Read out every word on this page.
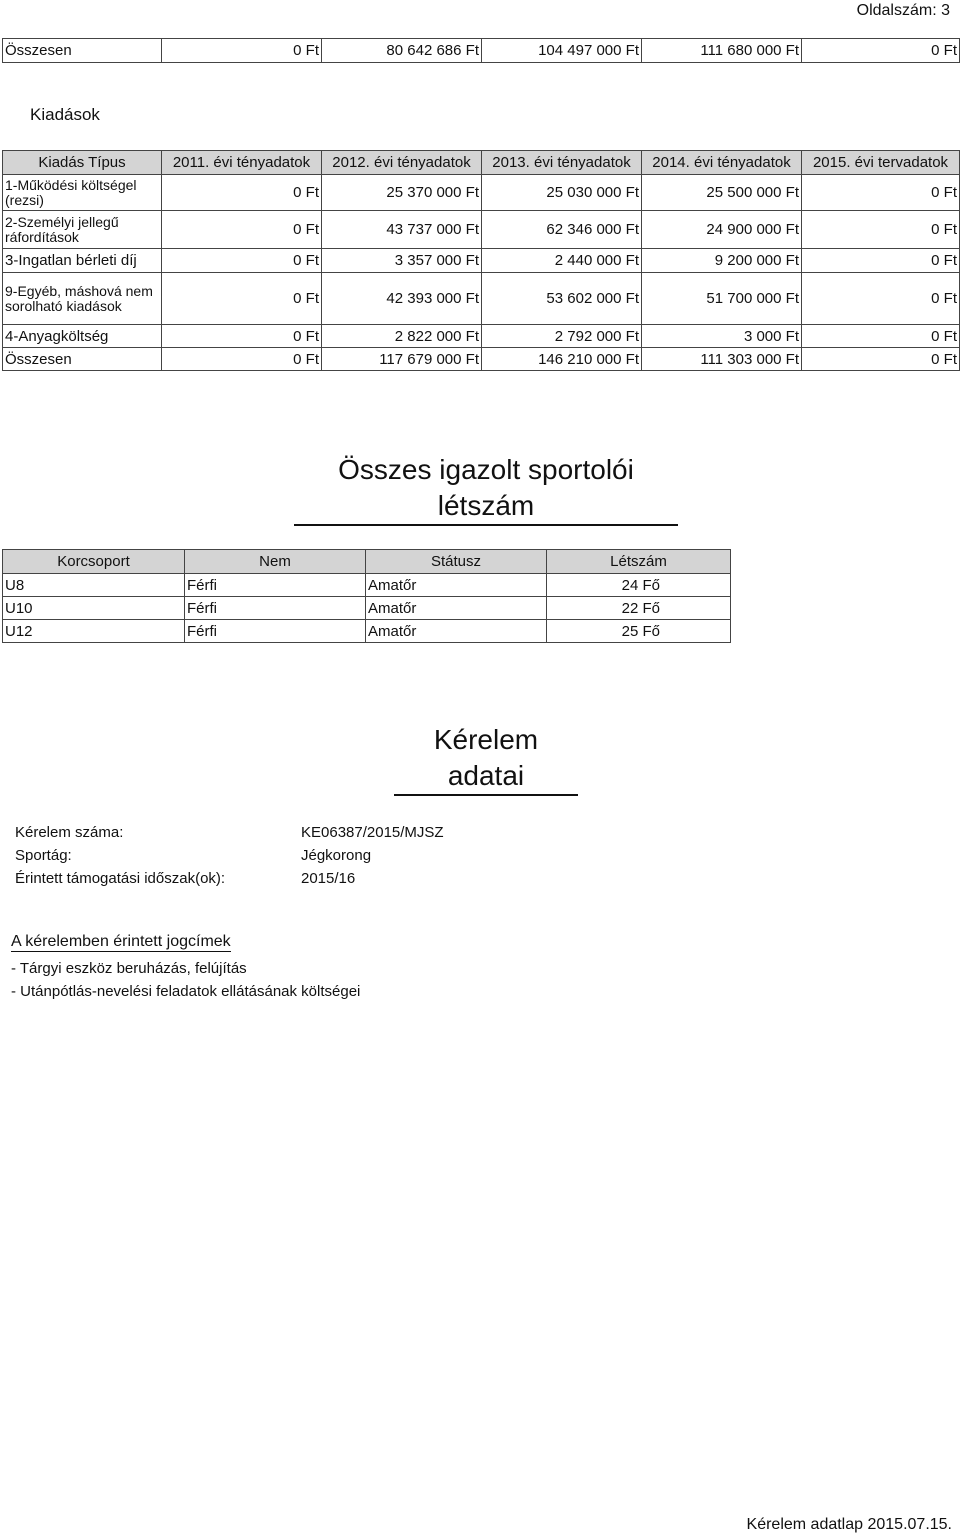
Oldalszám: 3
Összesen	0 Ft	80 642 686 Ft	104 497 000 Ft	111 680 000 Ft	0 Ft
Kiadások
Kiadás Típus	2011. évi tényadatok	2012. évi tényadatok	2013. évi tényadatok	2014. évi tényadatok	2015. évi tervadatok
1-Működési költségel (rezsi)	0 Ft	25 370 000 Ft	25 030 000 Ft	25 500 000 Ft	0 Ft
2-Személyi jellegű ráfordítások	0 Ft	43 737 000 Ft	62 346 000 Ft	24 900 000 Ft	0 Ft
3-Ingatlan bérleti díj	0 Ft	3 357 000 Ft	2 440 000 Ft	9 200 000 Ft	0 Ft
9-Egyéb, máshová nem sorolható kiadások	0 Ft	42 393 000 Ft	53 602 000 Ft	51 700 000 Ft	0 Ft
4-Anyagköltség	0 Ft	2 822 000 Ft	2 792 000 Ft	3 000 Ft	0 Ft
Összesen	0 Ft	117 679 000 Ft	146 210 000 Ft	111 303 000 Ft	0 Ft
Összes igazolt sportolói létszám
Korcsoport	Nem	Státusz	Létszám
U8	Férfi	Amatőr	24 Fő
U10	Férfi	Amatőr	22 Fő
U12	Férfi	Amatőr	25 Fő
Kérelem adatai
Kérelem száma:	KE06387/2015/MJSZ
Sportág:	Jégkorong
Érintett támogatási időszak(ok):	2015/16
A kérelemben érintett jogcímek
- Tárgyi eszköz beruházás, felújítás
- Utánpótlás-nevelési feladatok ellátásának költségei
Kérelem adatlap 2015.07.15.
